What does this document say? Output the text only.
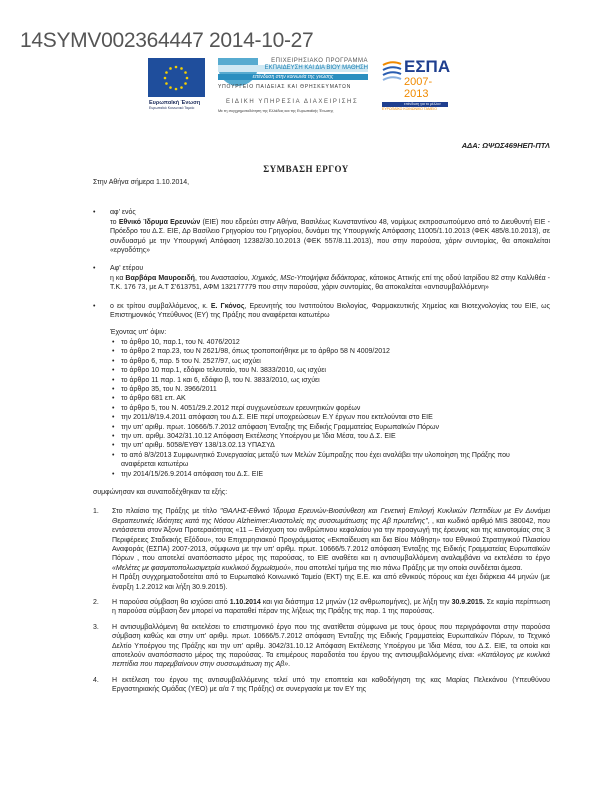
14SYMV002364447 2014-10-27
Ευρωπαϊκή Ένωση
Ευρωπαϊκό Κοινωνικό Ταμείο
ΕΠΙΧΕΙΡΗΣΙΑΚΟ ΠΡΟΓΡΑΜΜΑ
ΕΚΠΑΙΔΕΥΣΗ ΚΑΙ ΔΙΑ ΒΙΟΥ ΜΑΘΗΣΗ
επένδυση στην κοινωνία της γνώσης
ΥΠΟΥΡΓΕΙΟ ΠΑΙΔΕΙΑΣ ΚΑΙ ΘΡΗΣΚΕΥΜΑΤΩΝ
ΕΣΠΑ
2007-2013
επένδυση για το μέλλον
ΕΥΡΩΠΑΪΚΟ ΚΟΙΝΩΝΙΚΟ ΤΑΜΕΙΟ
ΕΙΔΙΚΗ ΥΠΗΡΕΣΙΑ ΔΙΑΧΕΙΡΙΣΗΣ
Με τη συγχρηματοδότηση της Ελλάδας και της Ευρωπαϊκής Ένωσης
ΑΔΑ: ΩΨΩΣ469ΗΕΠ-ΠΤΛ
ΣΥΜΒΑΣΗ ΕΡΓΟΥ
Στην Αθήνα σήμερα 1.10.2014,
• αφ' ενός
το Εθνικό Ίδρυμα Ερευνών (ΕΙΕ) που εδρεύει στην Αθήνα, Βασιλέως Κωνσταντίνου 48, νομίμως εκπροσωπούμενο από το Διευθυντή ΕΙΕ - Πρόεδρο του Δ.Σ. ΕΙΕ, Δρ Βασίλειο Γρηγορίου του Γρηγορίου, δυνάμει της Υπουργικής Απόφασης 11005/1.10.2013 (ΦΕΚ 485/8.10.2013), σε συνδυασμό με την Υπουργική Απόφαση 12382/30.10.2013 (ΦΕΚ 557/8.11.2013), που στην παρούσα, χάριν συντομίας, θα αποκαλείται «εργοδότης»
• Αφ' ετέρου
η κα Βαρβάρα Μαυροειδή, του Αναστασίου, Χημικός, MSc-Υποψήφια διδάκτορας, κάτοικος Αττικής επί της οδού Ιατρίδου 82 στην Καλλιθέα - Τ.Κ. 176 73, με Α.Τ Σ'613751, ΑΦΜ 132177779 που στην παρούσα, χάριν συντομίας, θα αποκαλείται «αντισυμβαλλόμενη»
• ο εκ τρίτου συμβαλλόμενος, κ. Ε. Γκόνος, Ερευνητής του Ινστιτούτου Βιολογίας, Φαρμακευτικής Χημείας και Βιοτεχνολογίας του ΕΙΕ, ως Επιστημονικός Υπεύθυνος (ΕΥ) της Πράξης που αναφέρεται κατωτέρω
Έχοντας υπ' όψιν:
• το άρθρο 10, παρ.1, του Ν. 4076/2012
• το άρθρο 2 παρ.23, του Ν 2621/98, όπως τροποποιήθηκε με το άρθρο 58 Ν 4009/2012
• το άρθρο 6, παρ. 5 του Ν. 2527/97, ως ισχύει
• το άρθρο 10 παρ.1, εδάφιο τελευταίο, του Ν. 3833/2010, ως ισχύει
• το άρθρο 11 παρ. 1 και 6, εδάφιο β, του Ν. 3833/2010, ως ισχύει
• το άρθρο 35, του Ν. 3966/2011
• το άρθρο 681 επ. ΑΚ
• το άρθρο 5, του Ν. 4051/29.2.2012 περί συγχωνεύσεων ερευνητικών φορέων
• την 2011/8/19.4.2011 απόφαση του Δ.Σ. ΕΙΕ περί υποχρεώσεων Ε.Υ έργων που εκτελούνται στο ΕΙΕ
• την υπ' αριθμ. πρωτ. 10666/5.7.2012 απόφαση Ένταξης της Ειδικής Γραμματείας Ευρωπαϊκών Πόρων
• την υπ. αριθμ. 3042/31.10.12 Απόφαση Εκτέλεσης Υποέργου με Ίδια Μέσα, του Δ.Σ. ΕΙΕ
• την υπ' αριθμ. 5058/ΕΥΘΥ 138/13.02.13 ΥΠΑΣΥΔ
• το από 8/3/2013 Συμφωνητικό Συνεργασίας μεταξύ των Μελών Σύμπραξης που έχει αναλάβει την υλοποίηση της Πράξης που αναφέρεται κατωτέρω
• την 2014/15/26.9.2014 απόφαση του Δ.Σ. ΕΙΕ
συμφώνησαν και συναποδέχθηκαν τα εξής:
1. Στο πλαίσιο της Πράξης με τίτλο "ΘΑΛΗΣ-Εθνικό Ίδρυμα Ερευνών-Βιοσύνθεση και Γενετική Επιλογή Κυκλικών Πεπτιδίων με Εν Δυνάμει Θεραπευτικές Ιδιότητες κατά της Νόσου Alzheimer:Αναστολείς της συσσωμάτωσης της Αβ πρωτεΐνης", , και κωδικό αριθμό MIS 380042, που εντάσσεται στον Άξονα Προτεραιότητας «11 – Ενίσχυση του ανθρώπινου κεφαλαίου για την προαγωγή της έρευνας και της καινοτομίας στις 3 Περιφέρειες Σταδιακής Εξόδου», του Επιχειρησιακού Προγράμματος «Εκπαίδευση και δια Βίου Μάθηση» του Εθνικού Στρατηγικού Πλαισίου Αναφοράς (ΕΣΠΑ) 2007-2013, σύμφωνα με την υπ' αριθμ. πρωτ. 10666/5.7.2012 απόφαση Ένταξης της Ειδικής Γραμματείας Ευρωπαϊκών Πόρων , που αποτελεί αναπόσπαστο μέρος της παρούσας, το ΕΙΕ αναθέτει και η αντισυμβαλλόμενη αναλαμβάνει να εκτελέσει το έργο «Μελέτες με φασματοπολωσιμετρία κυκλικού διχρωϊσμού», που αποτελεί τμήμα της πιο πάνω Πράξης με την οποία συνδέεται άμεσα.
Η Πράξη συγχρηματοδοτείται από το Ευρωπαϊκό Κοινωνικό Ταμείο (ΕΚΤ) της Ε.Ε. και από εθνικούς πόρους και έχει διάρκεια 44 μηνών (με έναρξη 1.2.2012 και λήξη 30.9.2015).
2. Η παρούσα σύμβαση θα ισχύσει από 1.10.2014 και για διάστημα 12 μηνών (12 ανθρωπομήνες), με λήξη την 30.9.2015. Σε καμία περίπτωση η παρούσα σύμβαση δεν μπορεί να παραταθεί πέραν της λήξεως της Πράξης της παρ. 1 της παρούσας.
3. Η αντισυμβαλλόμενη θα εκτελέσει το επιστημονικό έργο που της ανατίθεται σύμφωνα με τους όρους που περιγράφονται στην παρούσα σύμβαση καθώς και στην υπ' αριθμ. πρωτ. 10666/5.7.2012 απόφαση Ένταξης της Ειδικής Γραμματείας Ευρωπαϊκών Πόρων, το Τεχνικό Δελτίο Υποέργου της Πράξης και την υπ' αριθμ. 3042/31.10.12 Απόφαση Εκτέλεσης Υποέργου με Ίδια Μέσα, του Δ.Σ. ΕΙΕ, τα οποία και αποτελούν αναπόσπαστο μέρος της παρούσας. Τα επιμέρους παραδοτέα του έργου της αντισυμβαλλόμενης είναι: «Κατάλογος με κυκλικά πεπτίδια που παρεμβαίνουν στην συσσωμάτωση της Αβ».
4. Η εκτέλεση του έργου της αντισυμβαλλόμενης τελεί υπό την εποπτεία και καθοδήγηση της κας Μαρίας Πελεκάνου (Υπευθύνου Εργαστηριακής Ομάδας (ΥΕΟ) με α/α 7 της Πράξης) σε συνεργασία με τον ΕΥ της
